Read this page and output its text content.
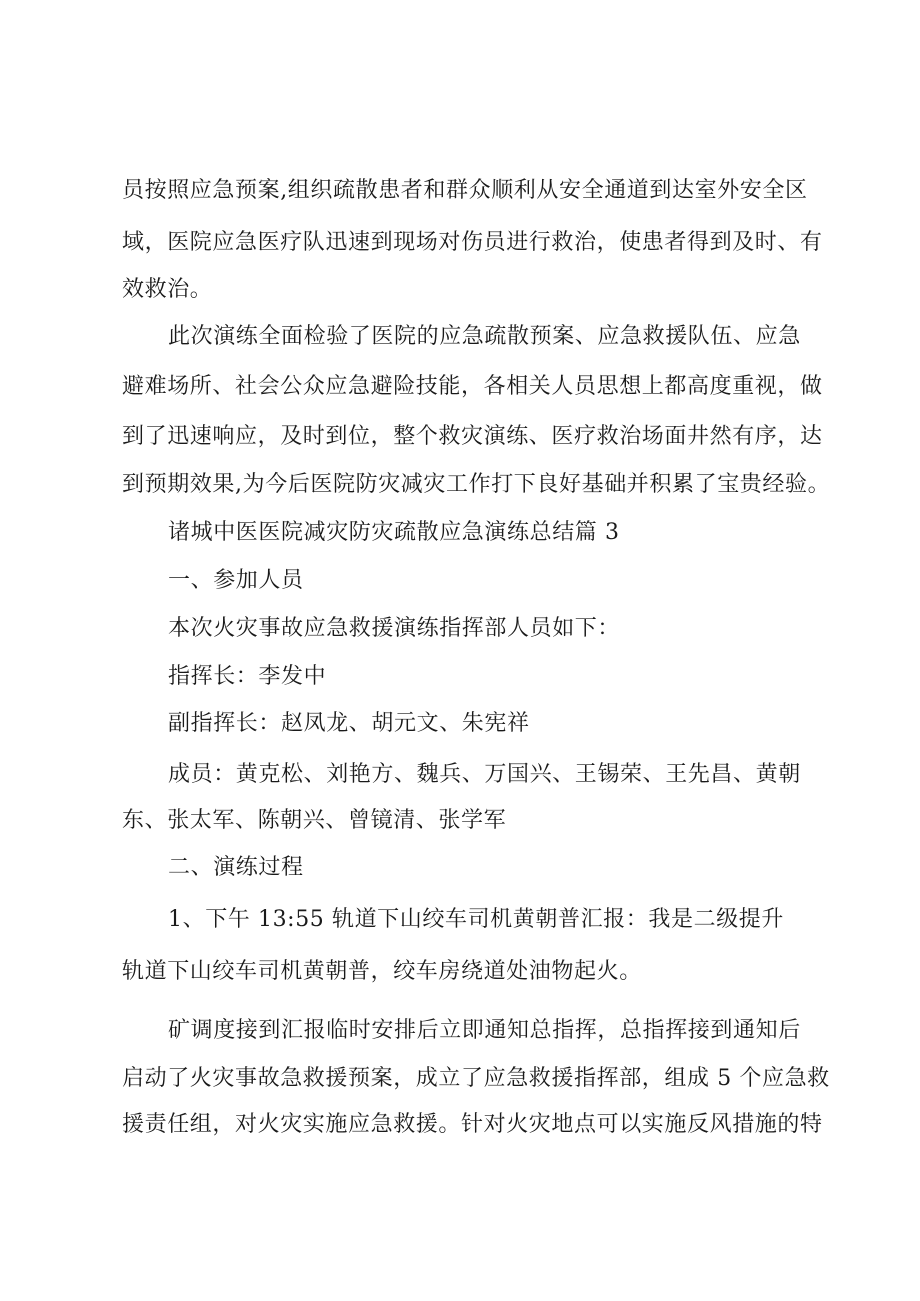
员按照应急预案,组织疏散患者和群众顺利从安全通道到达室外安全区
域，医院应急医疗队迅速到现场对伤员进行救治，使患者得到及时、有
效救治。
此次演练全面检验了医院的应急疏散预案、应急救援队伍、应急
避难场所、社会公众应急避险技能，各相关人员思想上都高度重视，做
到了迅速响应，及时到位，整个救灾演练、医疗救治场面井然有序，达
到预期效果,为今后医院防灾减灾工作打下良好基础并积累了宝贵经验。
诸城中医医院减灾防灾疏散应急演练总结篇 3
一、参加人员
本次火灾事故应急救援演练指挥部人员如下：
指挥长：李发中
副指挥长：赵凤龙、胡元文、朱宪祥
成员：黄克松、刘艳方、魏兵、万国兴、王锡荣、王先昌、黄朝
东、张太军、陈朝兴、曾镜清、张学军
二、演练过程
1、下午 13:55 轨道下山绞车司机黄朝普汇报：我是二级提升
轨道下山绞车司机黄朝普，绞车房绕道处油物起火。
矿调度接到汇报临时安排后立即通知总指挥，总指挥接到通知后
启动了火灾事故急救援预案，成立了应急救援指挥部，组成 5 个应急救
援责任组，对火灾实施应急救援。针对火灾地点可以实施反风措施的特
